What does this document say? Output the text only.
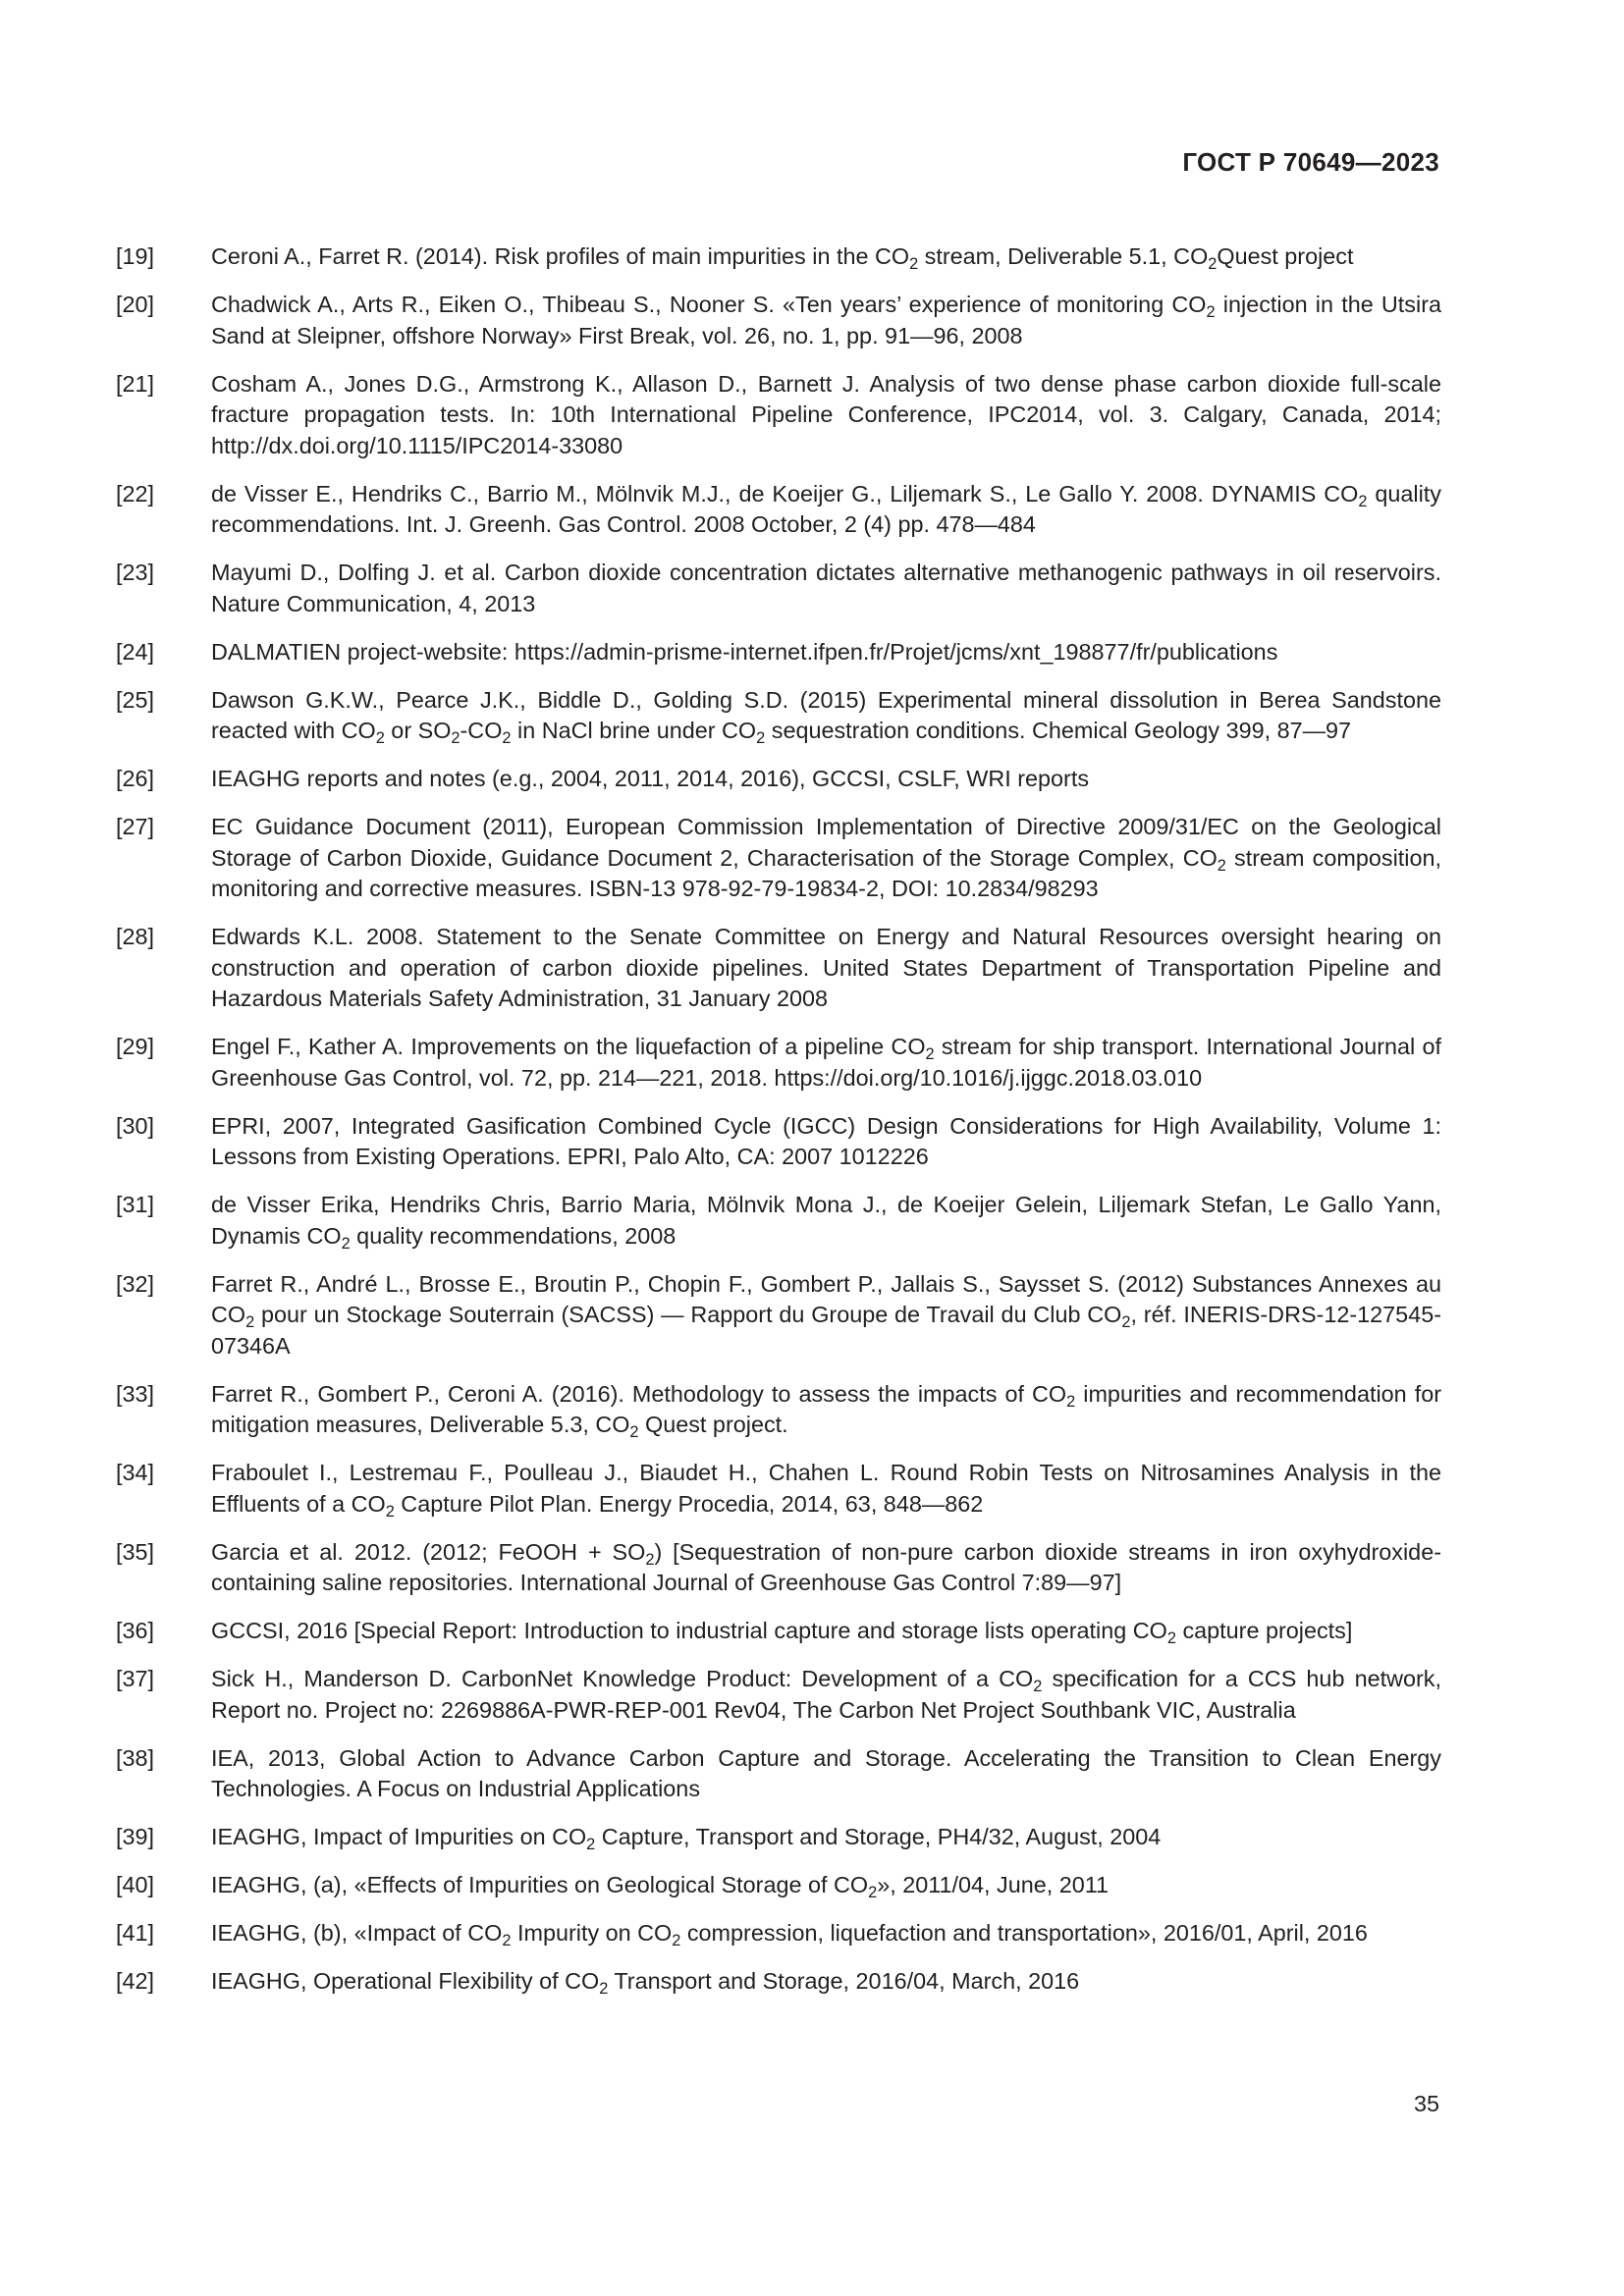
ГОСТ Р 70649—2023
[19]	Ceroni A., Farret R. (2014). Risk profiles of main impurities in the $CO_2$ stream, Deliverable 5.1, $CO_2Quest$ project
[20]	Chadwick A., Arts R., Eiken O., Thibeau S., Nooner S. «Ten years’ experience of monitoring $CO_2$ injection in the Utsira Sand at Sleipner, offshore Norway» First Break, vol. 26, no. 1, pp. 91—96, 2008
[21]	Cosham A., Jones D.G., Armstrong K., Allason D., Barnett J. Analysis of two dense phase carbon dioxide full-scale fracture propagation tests. In: 10th International Pipeline Conference, IPC2014, vol. 3. Calgary, Canada, 2014; http://dx.doi.org/10.1115/IPC2014-33080
[22]	de Visser E., Hendriks C., Barrio M., Mölnvik M.J., de Koeijer G., Liljemark S., Le Gallo Y. 2008. DYNAMIS $CO_2$ quality recommendations. Int. J. Greenh. Gas Control. 2008 October, 2 (4) pp. 478—484
[23]	Mayumi D., Dolfing J. et al. Carbon dioxide concentration dictates alternative methanogenic pathways in oil reservoirs. Nature Communication, 4, 2013
[24]	DALMATIEN project-website: https://admin-prisme-internet.ifpen.fr/Projet/jcms/xnt_198877/fr/publications
[25]	Dawson G.K.W., Pearce J.K., Biddle D., Golding S.D. (2015) Experimental mineral dissolution in Berea Sandstone reacted with $CO_2$ or $SO_2-CO_2$ in NaCl brine under $CO_2$ sequestration conditions. Chemical Geology 399, 87—97
[26]	IEAGHG reports and notes (e.g., 2004, 2011, 2014, 2016), GCCSI, CSLF, WRI reports
[27]	EC Guidance Document (2011), European Commission Implementation of Directive 2009/31/EC on the Geological Storage of Carbon Dioxide, Guidance Document 2, Characterisation of the Storage Complex, $CO_2$ stream composition, monitoring and corrective measures. ISBN-13 978-92-79-19834-2, DOI: 10.2834/98293
[28]	Edwards K.L. 2008. Statement to the Senate Committee on Energy and Natural Resources oversight hearing on construction and operation of carbon dioxide pipelines. United States Department of Transportation Pipeline and Hazardous Materials Safety Administration, 31 January 2008
[29]	Engel F., Kather A. Improvements on the liquefaction of a pipeline $CO_2$ stream for ship transport. International Journal of Greenhouse Gas Control, vol. 72, pp. 214—221, 2018. https://doi.org/10.1016/j.ijggc.2018.03.010
[30]	EPRI, 2007, Integrated Gasification Combined Cycle (IGCC) Design Considerations for High Availability, Volume 1: Lessons from Existing Operations. EPRI, Palo Alto, CA: 2007 1012226
[31]	de Visser Erika, Hendriks Chris, Barrio Maria, Mölnvik Mona J., de Koeijer Gelein, Liljemark Stefan, Le Gallo Yann, Dynamis $CO_2$ quality recommendations, 2008
[32]	Farret R., André L., Brosse E., Broutin P., Chopin F., Gombert P., Jallais S., Saysset S. (2012) Substances Annexes au $CO_2$ pour un Stockage Souterrain (SACSS) — Rapport du Groupe de Travail du Club $CO_2$, réf. INERIS-DRS-12-127545-07346A
[33]	Farret R., Gombert P., Ceroni A. (2016). Methodology to assess the impacts of $CO_2$ impurities and recommendation for mitigation measures, Deliverable 5.3, $CO_2$ Quest project.
[34]	Fraboulet I., Lestremau F., Poulleau J., Biaudet H., Chahen L. Round Robin Tests on Nitrosamines Analysis in the Effluents of a $CO_2$ Capture Pilot Plan. Energy Procedia, 2014, 63, 848—862
[35]	Garcia et al. 2012. (2012; FeOOH + $SO_2$) [Sequestration of non-pure carbon dioxide streams in iron oxyhydroxide-containing saline repositories. International Journal of Greenhouse Gas Control 7:89—97]
[36]	GCCSI, 2016 [Special Report: Introduction to industrial capture and storage lists operating $CO_2$ capture projects]
[37]	Sick H., Manderson D. CarbonNet Knowledge Product: Development of a $CO_2$ specification for a CCS hub network, Report no. Project no: 2269886A-PWR-REP-001 Rev04, The Carbon Net Project Southbank VIC, Australia
[38]	IEA, 2013, Global Action to Advance Carbon Capture and Storage. Accelerating the Transition to Clean Energy Technologies. A Focus on Industrial Applications
[39]	IEAGHG, Impact of Impurities on $CO_2$ Capture, Transport and Storage, PH4/32, August, 2004
[40]	IEAGHG, (a), «Effects of Impurities on Geological Storage of $CO_2$», 2011/04, June, 2011
[41]	IEAGHG, (b), «Impact of $CO_2$ Impurity on $CO_2$ compression, liquefaction and transportation», 2016/01, April, 2016
[42]	IEAGHG, Operational Flexibility of $CO_2$ Transport and Storage, 2016/04, March, 2016
35
